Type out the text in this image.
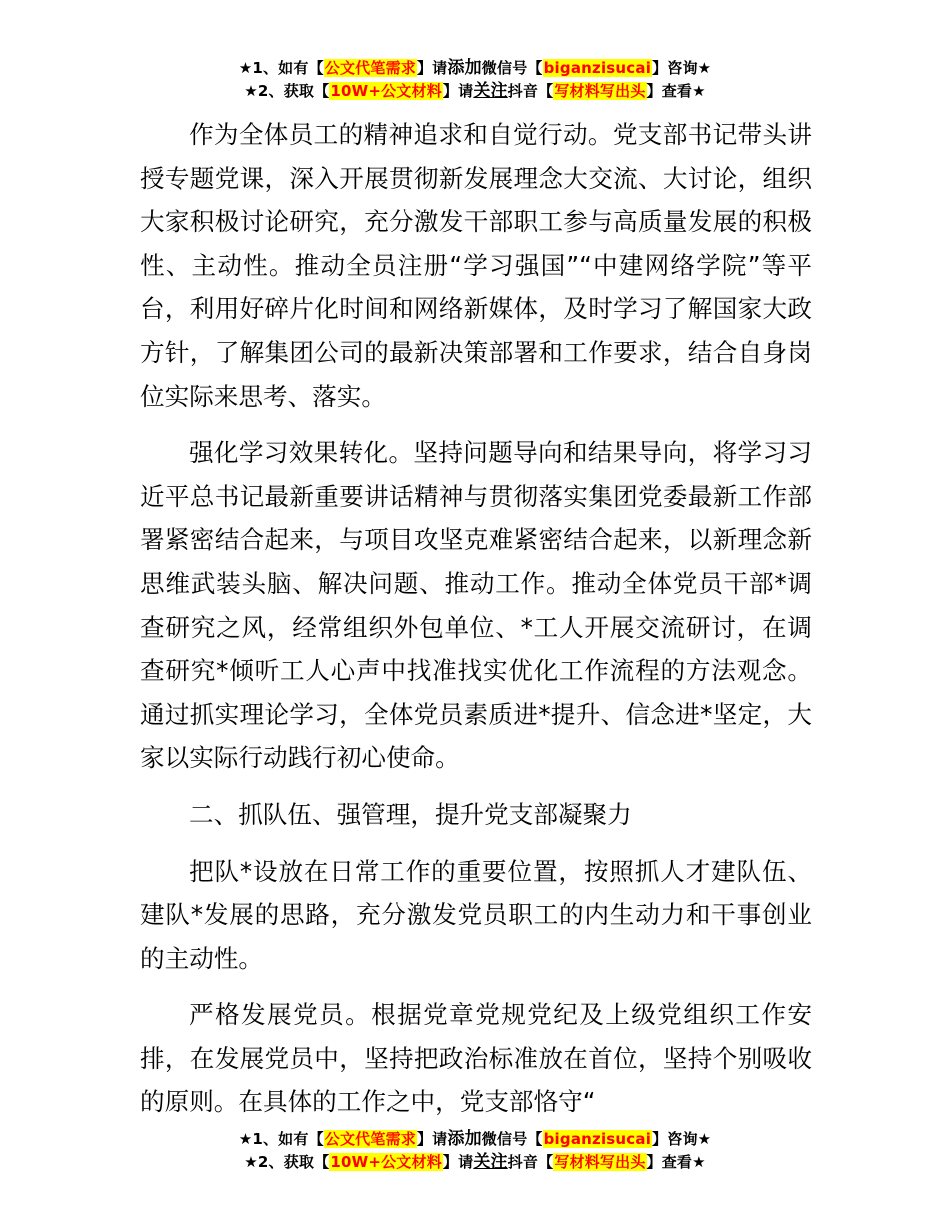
★1、如有【公文代笔需求】请添加微信号【biganzisucai】咨询★
★2、获取【10W+公文材料】请关注抖音【写材料写出头】查看★

作为全体员工的精神追求和自觉行动。党支部书记带头讲授专题党课，深入开展贯彻新发展理念大交流、大讨论，组织大家积极讨论研究，充分激发干部职工参与高质量发展的积极性、主动性。推动全员注册“学习强国”“中建网络学院”等平台，利用好碎片化时间和网络新媒体，及时学习了解国家大政方针，了解集团公司的最新决策部署和工作要求，结合自身岗位实际来思考、落实。

强化学习效果转化。坚持问题导向和结果导向，将学习习近平总书记最新重要讲话精神与贯彻落实集团党委最新工作部署紧密结合起来，与项目攻坚克难紧密结合起来，以新理念新思维武装头脑、解决问题、推动工作。推动全体党员干部*调查研究之风，经常组织外包单位、*工人开展交流研讨，在调查研究*倾听工人心声中找准找实优化工作流程的方法观念。通过抓实理论学习，全体党员素质进*提升、信念进*坚定，大家以实际行动践行初心使命。

二、抓队伍、强管理，提升党支部凝聚力

把队*设放在日常工作的重要位置，按照抓人才建队伍、建队*发展的思路，充分激发党员职工的内生动力和干事创业的主动性。

严格发展党员。根据党章党规党纪及上级党组织工作安排，在发展党员中，坚持把政治标准放在首位，坚持个别吸收的原则。在具体的工作之中，党支部恪守“

★1、如有【公文代笔需求】请添加微信号【biganzisucai】咨询★
★2、获取【10W+公文材料】请关注抖音【写材料写出头】查看★
